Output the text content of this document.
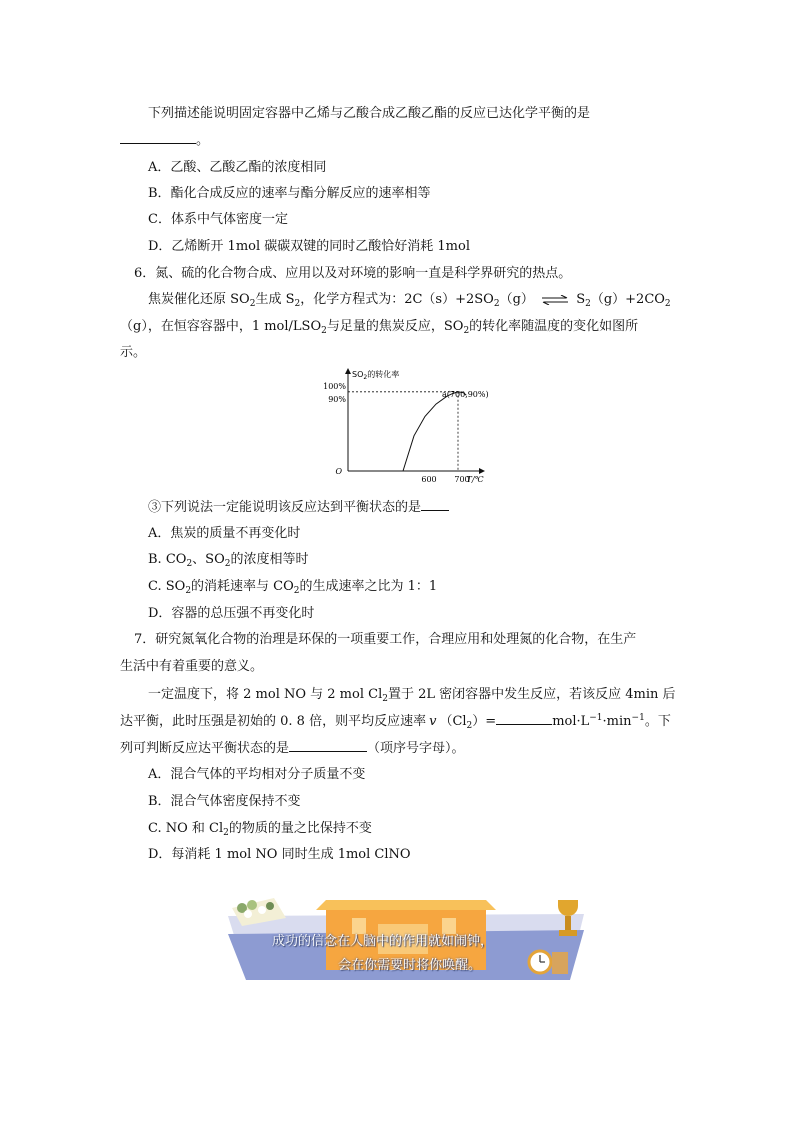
下列描述能说明固定容器中乙烯与乙酸合成乙酸乙酯的反应已达化学平衡的是
。
A．乙酸、乙酸乙酯的浓度相同
B．酯化合成反应的速率与酯分解反应的速率相等
C．体系中气体密度一定
D．乙烯断开 1mol 碳碳双键的同时乙酸恰好消耗 1mol
6．氮、硫的化合物合成、应用以及对环境的影响一直是科学界研究的热点。
焦炭催化还原 $SO_2$生成 $S_2$，化学方程式为：$2C(s)+2SO_2(g)$ ⇌ $S_2(g)+2CO_2$
（g），在恒容容器中，1 mol/$LSO_2$与足量的焦炭反应，$SO_2$的转化率随温度的变化如图所
示。
$SO_2$的转化率
100%
90%
O
600 700
T/℃
a(700,90%)
③下列说法一定能说明该反应达到平衡状态的是
A．焦炭的质量不再变化时
B. $CO_2$、$SO_2$的浓度相等时
C. $SO_2$的消耗速率与 $CO_2$的生成速率之比为 1：1
D．容器的总压强不再变化时
7．研究氮氧化合物的治理是环保的一项重要工作，合理应用和处理氮的化合物，在生产
生活中有着重要的意义。
一定温度下，将 2 mol NO 与 2 mol $Cl_2$置于 2L 密闭容器中发生反应，若该反应 4min 后
达平衡，此时压强是初始的 0. 8 倍，则平均反应速率 v $(Cl_2)=$	$mol\cdot L^{-1}\cdot\min^{-1}$。下
列可判断反应达平衡状态的是	（项序号字母）。
A．混合气体的平均相对分子质量不变
B．混合气体密度保持不变
C. NO 和 $Cl_2$的物质的量之比保持不变
D．每消耗 1 mol NO 同时生成 1mol ClNO
成功的信念在人脑中的作用就如闹钟，
会在你需要时将你唤醒。
